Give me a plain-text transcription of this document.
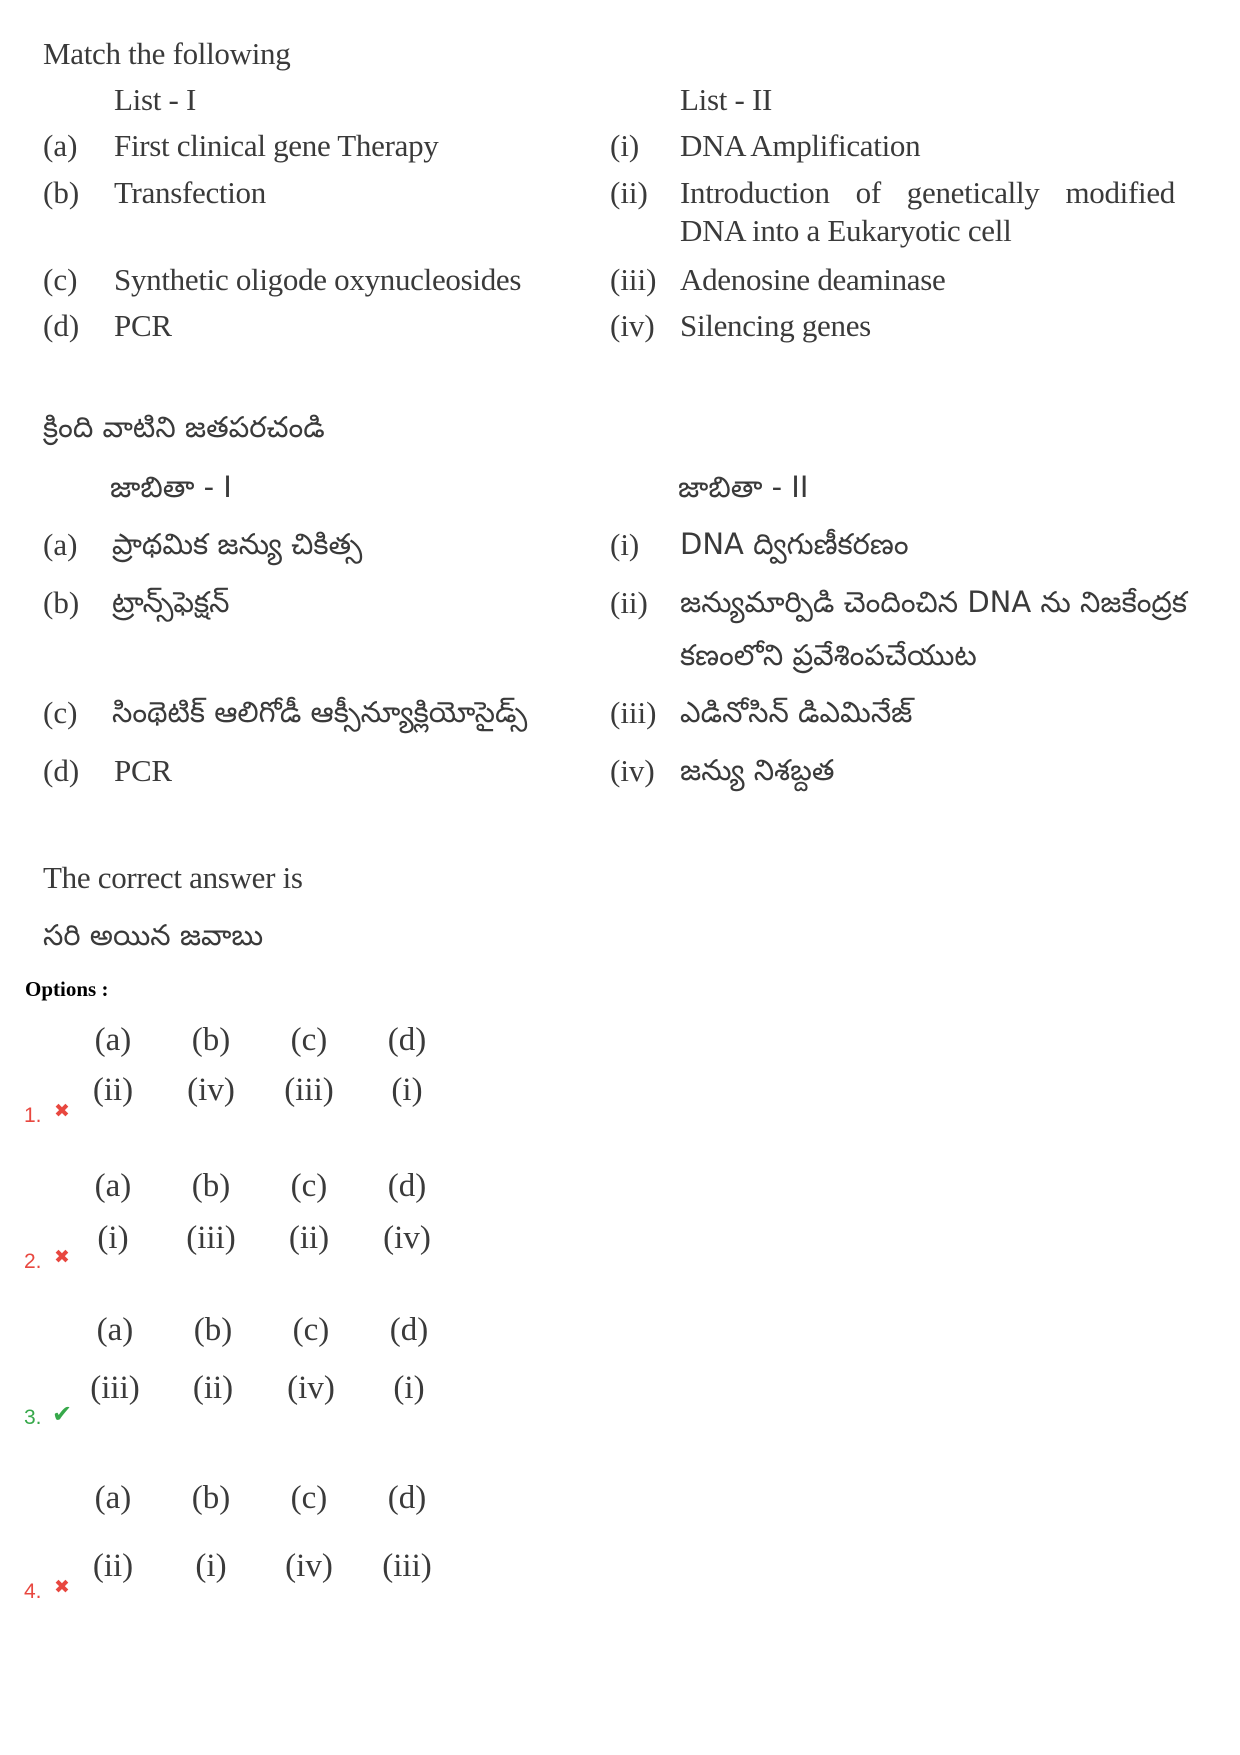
Match the following
List - I	List - II
(a) First clinical gene Therapy	(i) DNA Amplification
(b) Transfection	(ii) Introduction of genetically modified
DNA into a Eukaryotic cell
(c) Synthetic oligode oxynucleosides	(iii) Adenosine deaminase
(d) PCR	(iv) Silencing genes
క్రింది వాటిని జతపరచండి
జాబితా - I	జాబితా - II
(a) ప్రాథమిక జన్యు చికిత్స	(i) DNA ద్విగుణీకరణం
(b) ట్రాన్స్‌ఫెక్షన్	(ii) జన్యుమార్పిడి చెందించిన DNA ను నిజకేంద్రక
కణంలోని ప్రవేశింపచేయుట
(c) సింథెటిక్ ఆలిగోడీ ఆక్సీన్యూక్లియోసైడ్స్	(iii) ఎడినోసిన్ డిఎమినేజ్
(d) PCR	(iv) జన్యు నిశబ్దత
The correct answer is
సరి అయిన జవాబు
Options :
(a)	(b)	(c)	(d)
(ii)	(iv)	(iii)	(i)
1. ✖
(a)	(b)	(c)	(d)
(i)	(iii)	(ii)	(iv)
2. ✖
(a)	(b)	(c)	(d)
(iii)	(ii)	(iv)	(i)
3. ✔
(a)	(b)	(c)	(d)
(ii)	(i)	(iv)	(iii)
4. ✖
